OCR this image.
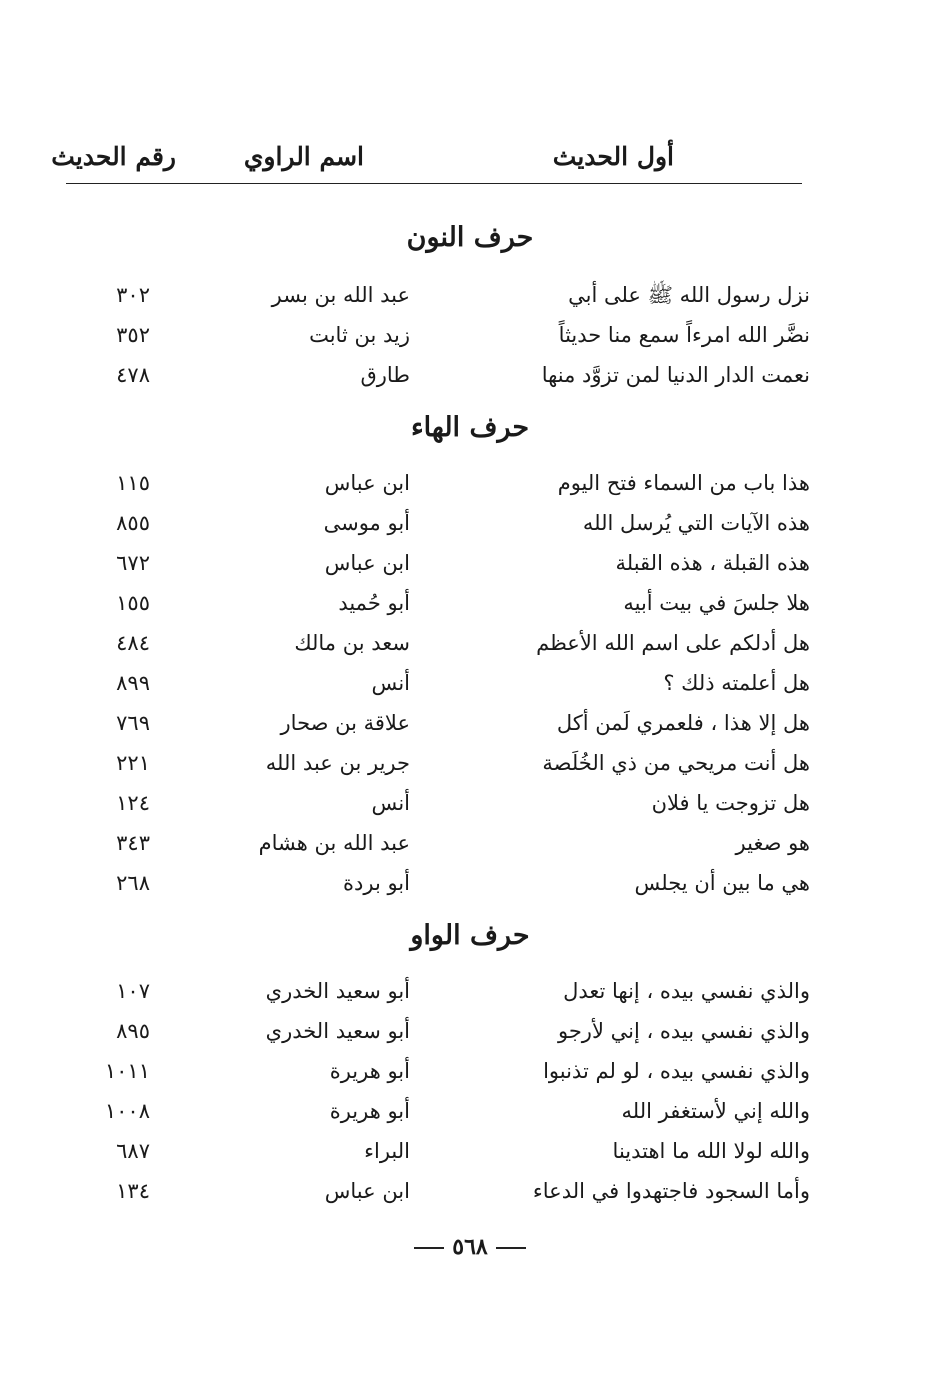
أول الحديث
اسم الراوي
رقم الحديث
حرف النون
نزل رسول الله ﷺ على أبي
عبد الله بن بسر
٣٠٢
نضَّر الله امرءاً سمع منا حديثاً
زيد بن ثابت
٣٥٢
نعمت الدار الدنيا لمن تزوَّد منها
طارق
٤٧٨
حرف الهاء
هذا باب من السماء فتح اليوم
ابن عباس
١١٥
هذه الآيات التي يُرسل الله
أبو موسى
٨٥٥
هذه القبلة ، هذه القبلة
ابن عباس
٦٧٢
هلا جلسَ في بيت أبيه
أبو حُميد
١٥٥
هل أدلكم على اسم الله الأعظم
سعد بن مالك
٤٨٤
هل أعلمته ذلك ؟
أنس
٨٩٩
هل إلا هذا ، فلعمري لَمن أكل
علاقة بن صحار
٧٦٩
هل أنت مريحي من ذي الخُلَصة
جرير بن عبد الله
٢٢١
هل تزوجت يا فلان
أنس
١٢٤
هو صغير
عبد الله بن هشام
٣٤٣
هي ما بين أن يجلس
أبو بردة
٢٦٨
حرف الواو
والذي نفسي بيده ، إنها تعدل
أبو سعيد الخدري
١٠٧
والذي نفسي بيده ، إني لأرجو
أبو سعيد الخدري
٨٩٥
والذي نفسي بيده ، لو لم تذنبوا
أبو هريرة
١٠١١
والله إني لأستغفر الله
أبو هريرة
١٠٠٨
والله لولا الله ما اهتدينا
البراء
٦٨٧
وأما السجود فاجتهدوا في الدعاء
ابن عباس
١٣٤
٥٦٨
